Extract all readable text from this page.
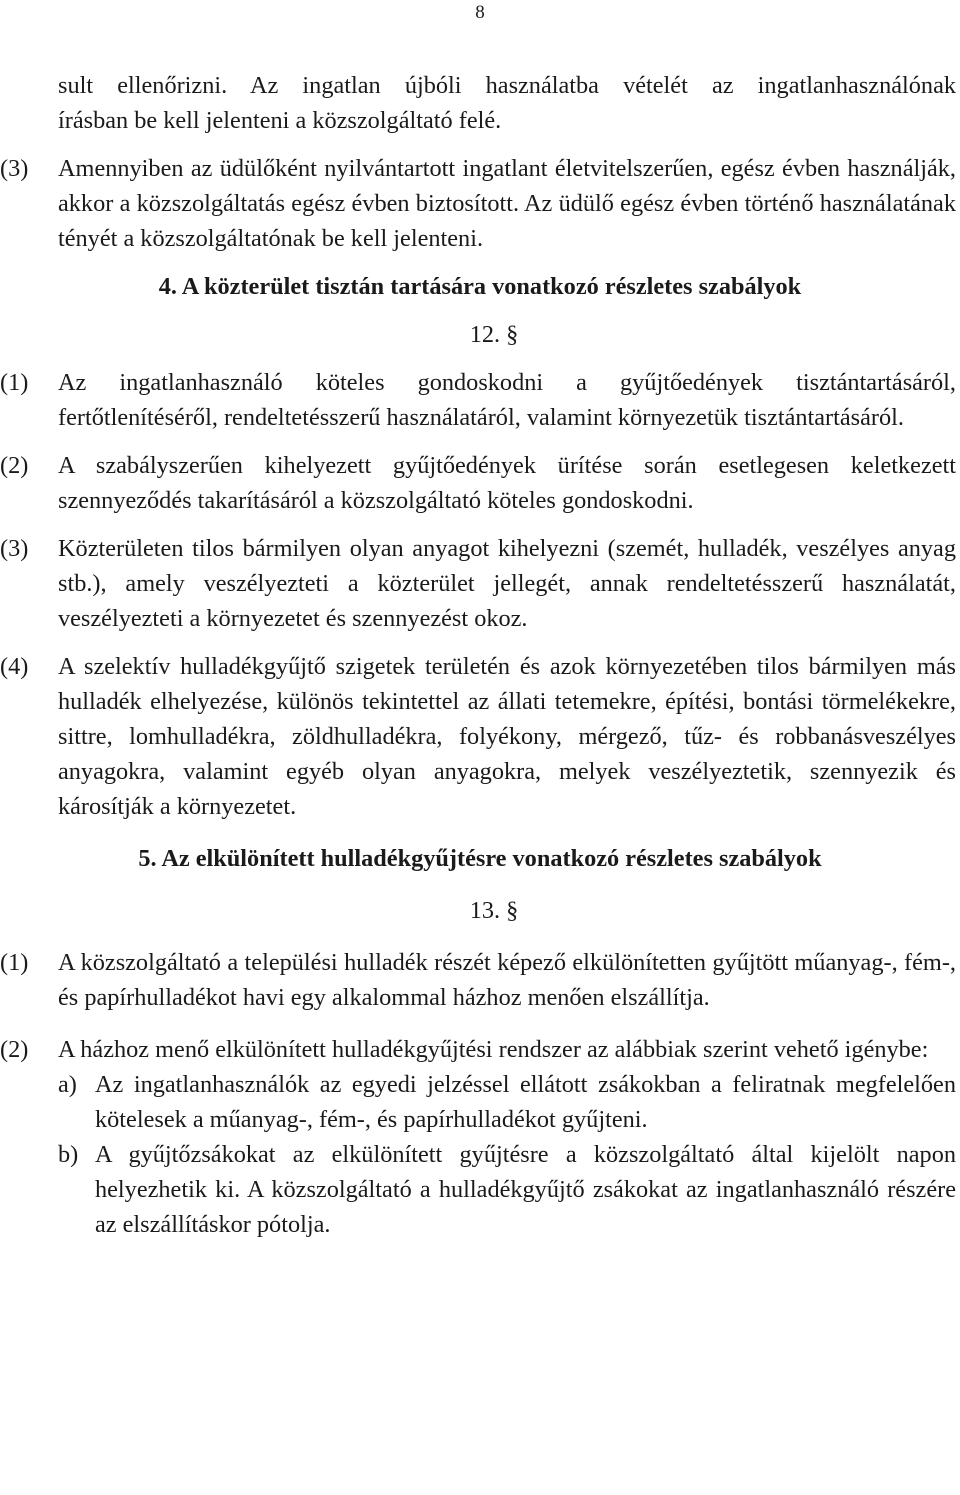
8
sult ellenőrizni. Az ingatlan újbóli használatba vételét az ingatlanhasználónak
írásban be kell jelenteni a közszolgáltató felé.
(3) Amennyiben az üdülőként nyilvántartott ingatlant életvitelszerűen, egész évben használják, akkor a közszolgáltatás egész évben biztosított. Az üdülő egész évben történő használatának tényét a közszolgáltatónak be kell jelenteni.
4. A közterület tisztán tartására vonatkozó részletes szabályok
12. §
(1) Az ingatlanhasználó köteles gondoskodni a gyűjtőedények tisztántartásáról, fertőtlenítéséről, rendeltetésszerű használatáról, valamint környezetük tisztántartásáról.
(2) A szabályszerűen kihelyezett gyűjtőedények ürítése során esetlegesen keletkezett szennyeződés takarításáról a közszolgáltató köteles gondoskodni.
(3) Közterületen tilos bármilyen olyan anyagot kihelyezni (szemét, hulladék, veszélyes anyag stb.), amely veszélyezteti a közterület jellegét, annak rendeltetésszerű használatát, veszélyezteti a környezetet és szennyezést okoz.
(4) A szelektív hulladékgyűjtő szigetek területén és azok környezetében tilos bármilyen más hulladék elhelyezése, különös tekintettel az állati tetemekre, építési, bontási törmelékekre, sittre, lomhulladékra, zöldhulladékra, folyékony, mérgező, tűz- és robbanásveszélyes anyagokra, valamint egyéb olyan anyagokra, melyek veszélyeztetik, szennyezik és károsítják a környezetet.
5. Az elkülönített hulladékgyűjtésre vonatkozó részletes szabályok
13. §
(1) A közszolgáltató a települési hulladék részét képező elkülönítetten gyűjtött műanyag-, fém-, és papírhulladékot havi egy alkalommal házhoz menően elszállítja.
(2) A házhoz menő elkülönített hulladékgyűjtési rendszer az alábbiak szerint vehető igénybe:
a) Az ingatlanhasználók az egyedi jelzéssel ellátott zsákokban a feliratnak megfelelően kötelesek a műanyag-, fém-, és papírhulladékot gyűjteni.
b) A gyűjtőzsákokat az elkülönített gyűjtésre a közszolgáltató által kijelölt napon helyezhetik ki. A közszolgáltató a hulladékgyűjtő zsákokat az ingatlanhasználó részére az elszállításkor pótolja.
